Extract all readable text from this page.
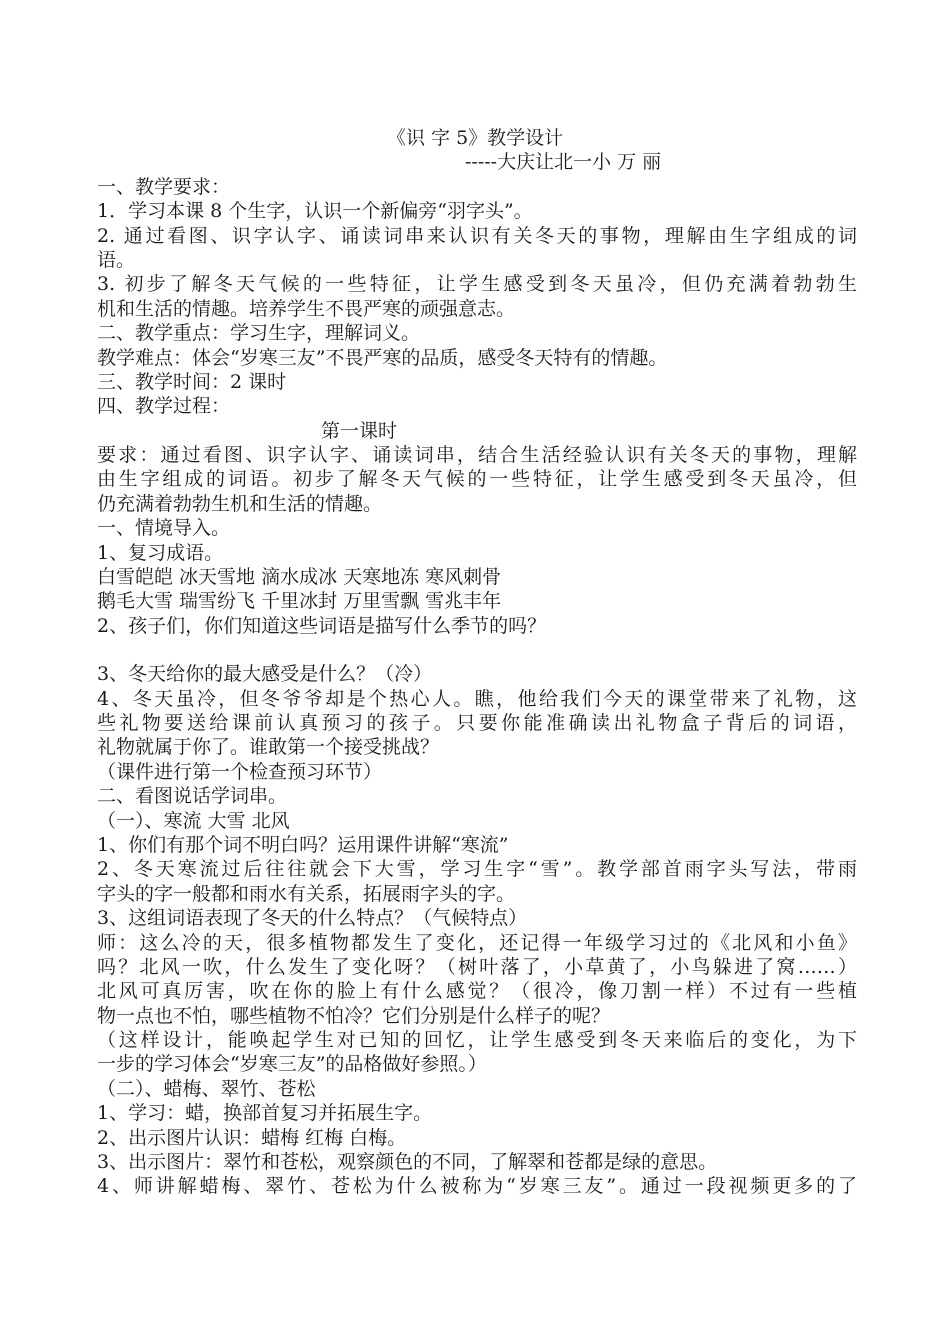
《识 字 5》教学设计
-----大庆让北一小 万 丽
一、教学要求：
1．学习本课 8 个生字，认识一个新偏旁“羽字头”。
2. 通过看图、识字认字、诵读词串来认识有关冬天的事物，理解由生字组成的词
语。
3. 初步了解冬天气候的一些特征，让学生感受到冬天虽冷，但仍充满着勃勃生
机和生活的情趣。培养学生不畏严寒的顽强意志。
二、教学重点：学习生字，理解词义。
教学难点：体会“岁寒三友”不畏严寒的品质，感受冬天特有的情趣。
三、教学时间：2 课时
四、教学过程：
第一课时
要求：通过看图、识字认字、诵读词串，结合生活经验认识有关冬天的事物，理解
由生字组成的词语。初步了解冬天气候的一些特征，让学生感受到冬天虽冷，但
仍充满着勃勃生机和生活的情趣。
一、情境导入。
1、复习成语。
白雪皑皑 冰天雪地 滴水成冰 天寒地冻 寒风刺骨
鹅毛大雪 瑞雪纷飞 千里冰封 万里雪飘 雪兆丰年
2、孩子们，你们知道这些词语是描写什么季节的吗？
3、冬天给你的最大感受是什么？（冷）
4、冬天虽冷，但冬爷爷却是个热心人。瞧，他给我们今天的课堂带来了礼物，这
些礼物要送给课前认真预习的孩子。只要你能准确读出礼物盒子背后的词语，
礼物就属于你了。谁敢第一个接受挑战？
（课件进行第一个检查预习环节）
二、看图说话学词串。
（一）、寒流 大雪 北风
1、你们有那个词不明白吗？运用课件讲解“寒流”
2、冬天寒流过后往往就会下大雪，学习生字“雪”。教学部首雨字头写法，带雨
字头的字一般都和雨水有关系，拓展雨字头的字。
3、这组词语表现了冬天的什么特点？（气候特点）
师：这么冷的天，很多植物都发生了变化，还记得一年级学习过的《北风和小鱼》
吗？北风一吹，什么发生了变化呀？（树叶落了，小草黄了，小鸟躲进了窝……）
北风可真厉害，吹在你的脸上有什么感觉？（很冷，像刀割一样）不过有一些植
物一点也不怕，哪些植物不怕冷？它们分别是什么样子的呢？
（这样设计，能唤起学生对已知的回忆，让学生感受到冬天来临后的变化，为下
一步的学习体会“岁寒三友”的品格做好参照。）
（二）、蜡梅、翠竹、苍松
1、学习：蜡，换部首复习并拓展生字。
2、出示图片认识：蜡梅 红梅 白梅。
3、出示图片：翠竹和苍松，观察颜色的不同，了解翠和苍都是绿的意思。
4、师讲解蜡梅、翠竹、苍松为什么被称为“岁寒三友”。通过一段视频更多的了
